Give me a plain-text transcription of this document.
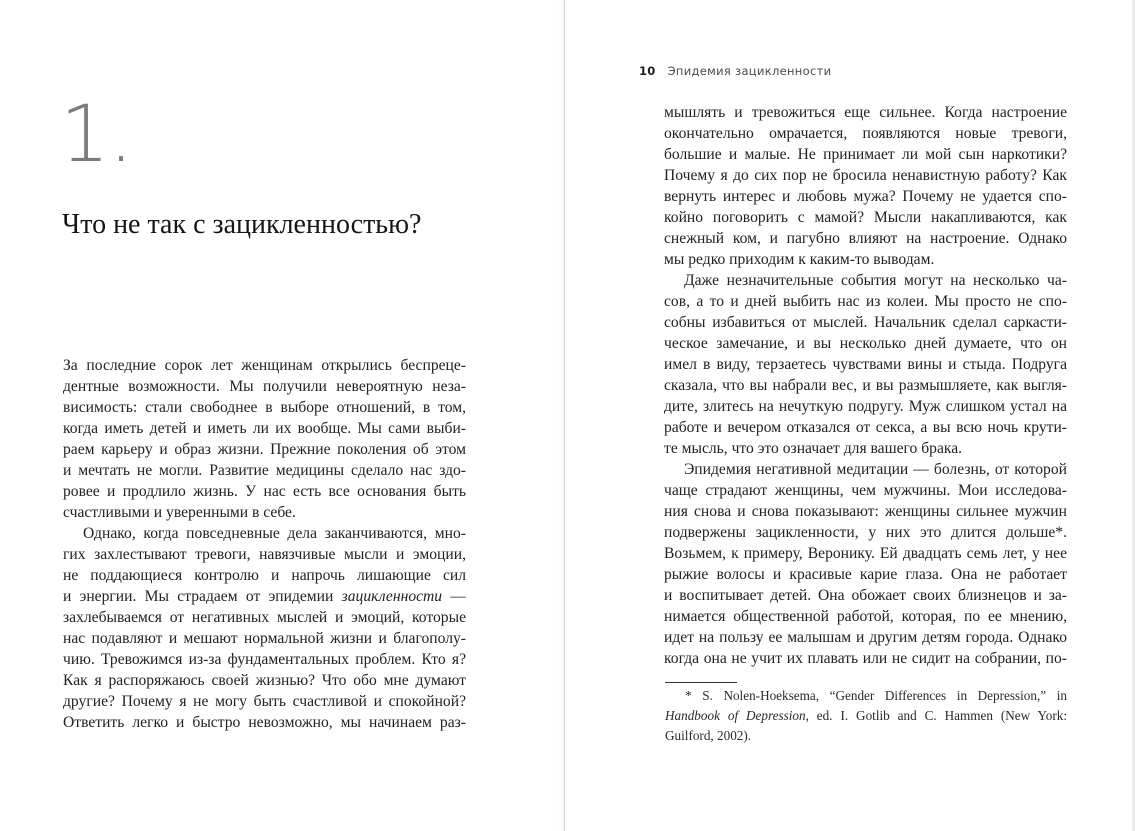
1.
Что не так с зацикленностью?
За последние сорок лет женщинам открылись беспреце-
дентные возможности. Мы получили невероятную неза-
висимость: стали свободнее в выборе отношений, в том,
когда иметь детей и иметь ли их вообще. Мы сами выби-
раем карьеру и образ жизни. Прежние поколения об этом
и мечтать не могли. Развитие медицины сделало нас здо-
ровее и продлило жизнь. У нас есть все основания быть
счастливыми и уверенными в себе.
Однако, когда повседневные дела заканчиваются, мно-
гих захлестывают тревоги, навязчивые мысли и эмоции,
не поддающиеся контролю и напрочь лишающие сил
и энергии. Мы страдаем от эпидемии зацикленности —
захлебываемся от негативных мыслей и эмоций, которые
нас подавляют и мешают нормальной жизни и благополу-
чию. Тревожимся из-за фундаментальных проблем. Кто я?
Как я распоряжаюсь своей жизнью? Что обо мне думают
другие? Почему я не могу быть счастливой и спокойной?
Ответить легко и быстро невозможно, мы начинаем раз-
10 Эпидемия зацикленности
мышлять и тревожиться еще сильнее. Когда настроение
окончательно омрачается, появляются новые тревоги,
большие и малые. Не принимает ли мой сын наркотики?
Почему я до сих пор не бросила ненавистную работу? Как
вернуть интерес и любовь мужа? Почему не удается спо-
койно поговорить с мамой? Мысли накапливаются, как
снежный ком, и пагубно влияют на настроение. Однако
мы редко приходим к каким-то выводам.
Даже незначительные события могут на несколько ча-
сов, а то и дней выбить нас из колеи. Мы просто не спо-
собны избавиться от мыслей. Начальник сделал саркасти-
ческое замечание, и вы несколько дней думаете, что он
имел в виду, терзаетесь чувствами вины и стыда. Подруга
сказала, что вы набрали вес, и вы размышляете, как выгля-
дите, злитесь на нечуткую подругу. Муж слишком устал на
работе и вечером отказался от секса, а вы всю ночь крути-
те мысль, что это означает для вашего брака.
Эпидемия негативной медитации — болезнь, от которой
чаще страдают женщины, чем мужчины. Мои исследова-
ния снова и снова показывают: женщины сильнее мужчин
подвержены зацикленности, у них это длится дольше*.
Возьмем, к примеру, Веронику. Ей двадцать семь лет, у нее
рыжие волосы и красивые карие глаза. Она не работает
и воспитывает детей. Она обожает своих близнецов и за-
нимается общественной работой, которая, по ее мнению,
идет на пользу ее малышам и другим детям города. Однако
когда она не учит их плавать или не сидит на собрании, по-
* S. Nolen-Hoeksema, “Gender Differences in Depression,” in
Handbook of Depression, ed. I. Gotlib and C. Hammen (New York:
Guilford, 2002).
